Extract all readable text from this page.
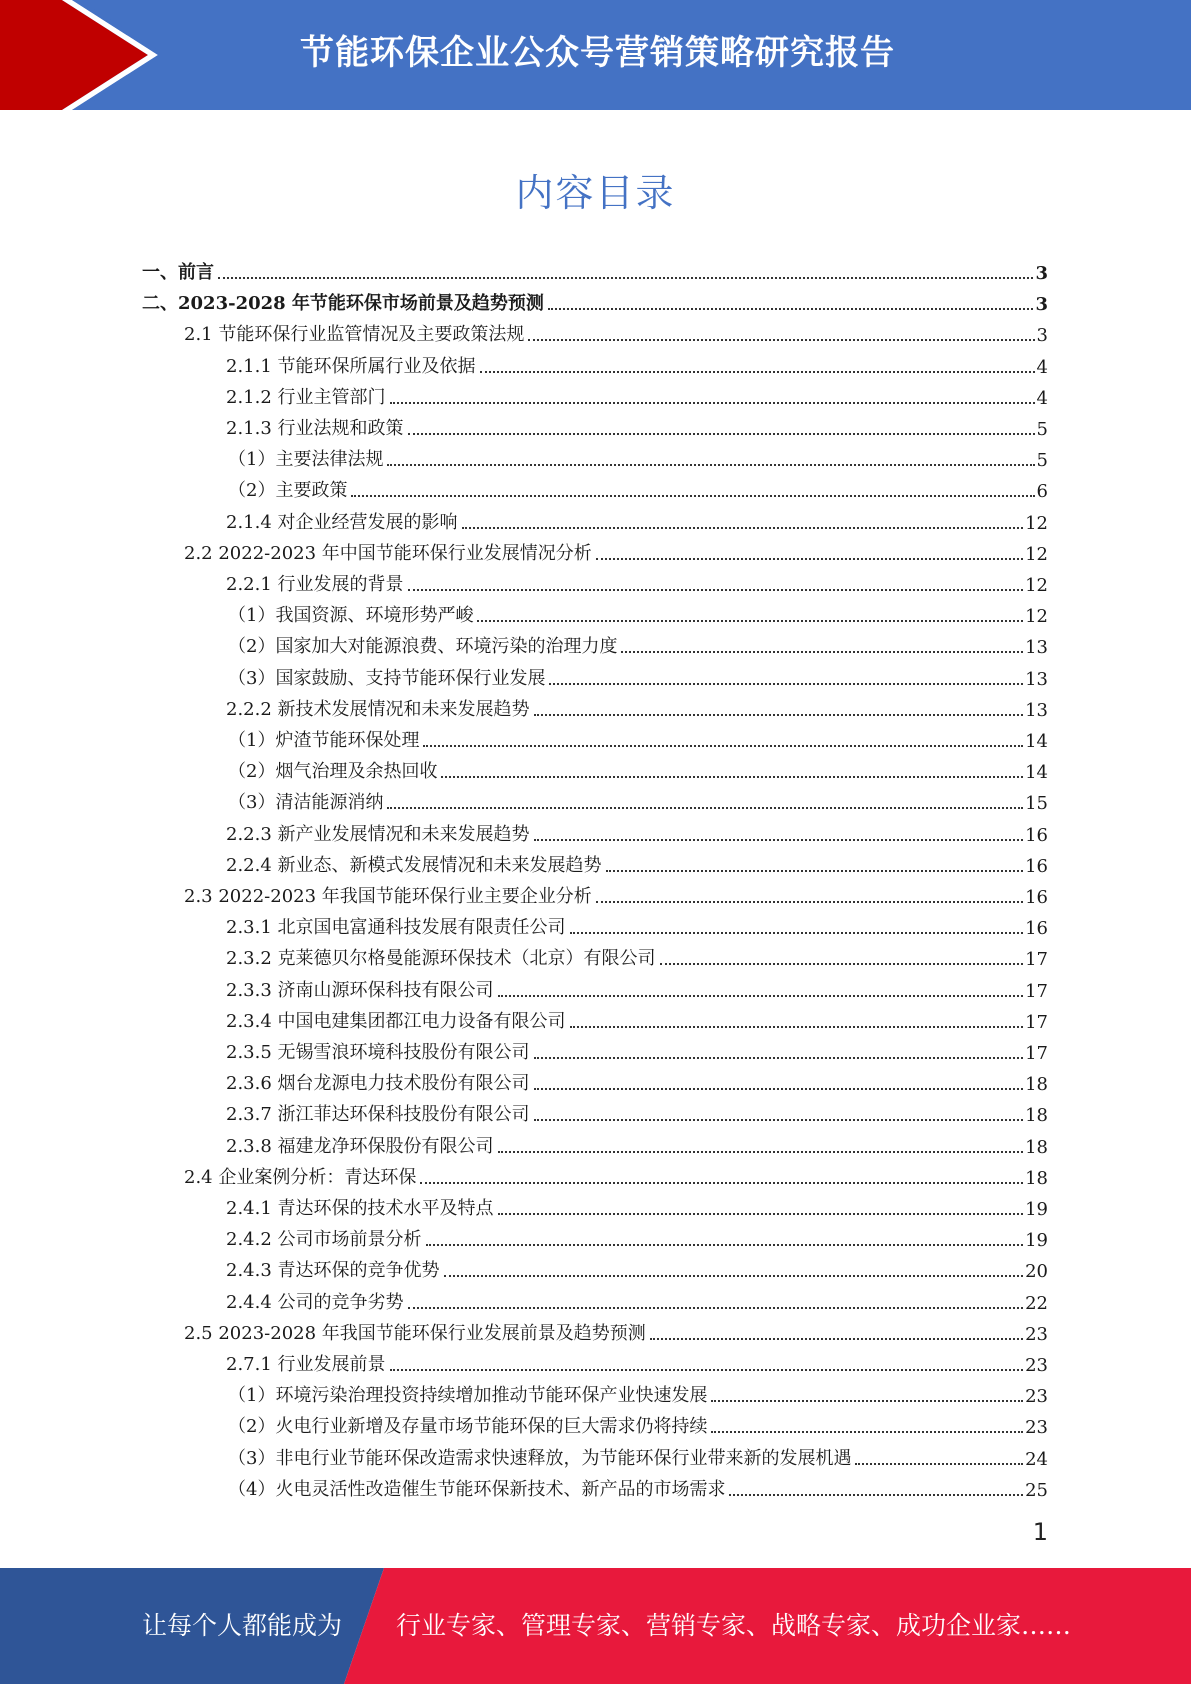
节能环保企业公众号营销策略研究报告
内容目录
一、前言	3
二、2023-2028 年节能环保市场前景及趋势预测	3
2.1 节能环保行业监管情况及主要政策法规	3
2.1.1 节能环保所属行业及依据	4
2.1.2 行业主管部门	4
2.1.3 行业法规和政策	5
（1）主要法律法规	5
（2）主要政策	6
2.1.4 对企业经营发展的影响	12
2.2 2022-2023 年中国节能环保行业发展情况分析	12
2.2.1 行业发展的背景	12
（1）我国资源、环境形势严峻	12
（2）国家加大对能源浪费、环境污染的治理力度	13
（3）国家鼓励、支持节能环保行业发展	13
2.2.2 新技术发展情况和未来发展趋势	13
（1）炉渣节能环保处理	14
（2）烟气治理及余热回收	14
（3）清洁能源消纳	15
2.2.3 新产业发展情况和未来发展趋势	16
2.2.4 新业态、新模式发展情况和未来发展趋势	16
2.3 2022-2023 年我国节能环保行业主要企业分析	16
2.3.1 北京国电富通科技发展有限责任公司	16
2.3.2 克莱德贝尔格曼能源环保技术（北京）有限公司	17
2.3.3 济南山源环保科技有限公司	17
2.3.4 中国电建集团都江电力设备有限公司	17
2.3.5 无锡雪浪环境科技股份有限公司	17
2.3.6 烟台龙源电力技术股份有限公司	18
2.3.7 浙江菲达环保科技股份有限公司	18
2.3.8 福建龙净环保股份有限公司	18
2.4 企业案例分析：青达环保	18
2.4.1 青达环保的技术水平及特点	19
2.4.2 公司市场前景分析	19
2.4.3 青达环保的竞争优势	20
2.4.4 公司的竞争劣势	22
2.5 2023-2028 年我国节能环保行业发展前景及趋势预测	23
2.7.1 行业发展前景	23
（1）环境污染治理投资持续增加推动节能环保产业快速发展	23
（2）火电行业新增及存量市场节能环保的巨大需求仍将持续	23
（3）非电行业节能环保改造需求快速释放，为节能环保行业带来新的发展机遇	24
（4）火电灵活性改造催生节能环保新技术、新产品的市场需求	25
1
让每个人都能成为 行业专家、管理专家、营销专家、战略专家、成功企业家……
